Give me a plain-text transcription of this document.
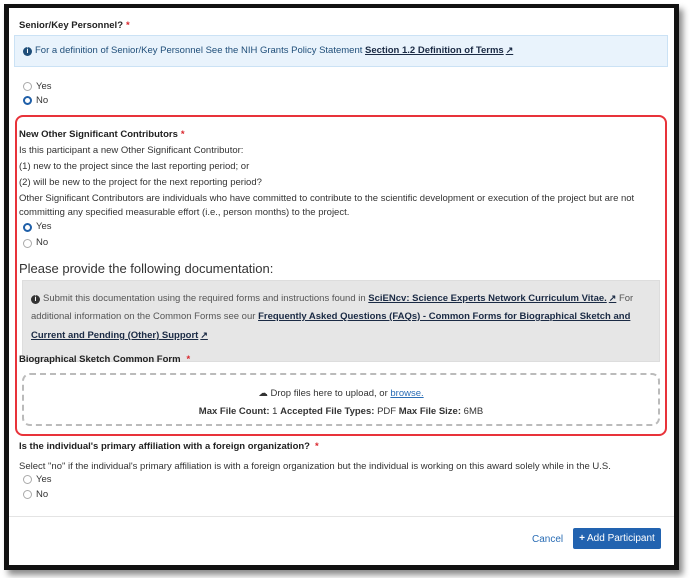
Senior/Key Personnel? *
i For a definition of Senior/Key Personnel See the NIH Grants Policy Statement Section 1.2 Definition of Terms ↗
Yes
No
New Other Significant Contributors *
Is this participant a new Other Significant Contributor:
(1) new to the project since the last reporting period; or
(2) will be new to the project for the next reporting period?
Other Significant Contributors are individuals who have committed to contribute to the scientific development or execution of the project but are not committing any specified measurable effort (i.e., person months) to the project.
Yes
No
Please provide the following documentation:
i Submit this documentation using the required forms and instructions found in SciENcv: Science Experts Network Curriculum Vitae. ↗ For additional information on the Common Forms see our Frequently Asked Questions (FAQs) - Common Forms for Biographical Sketch and Current and Pending (Other) Support ↗
Biographical Sketch Common Form *
☁ Drop files here to upload, or browse.
Max File Count: 1 Accepted File Types: PDF Max File Size: 6MB
Is the individual's primary affiliation with a foreign organization? *
Select "no" if the individual's primary affiliation is with a foreign organization but the individual is working on this award solely while in the U.S.
Yes
No
Cancel + Add Participant
